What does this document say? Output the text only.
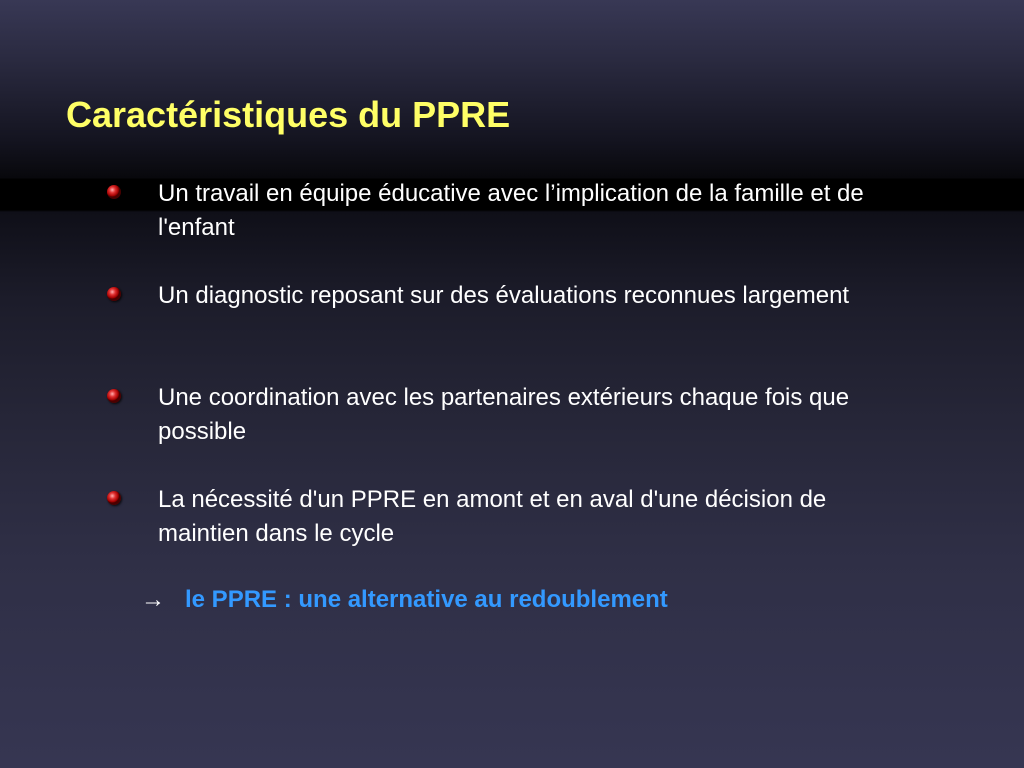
Caractéristiques du PPRE
Un travail en équipe éducative avec l’implication de la famille et de l'enfant
Un diagnostic reposant sur des évaluations reconnues largement
Une coordination avec les partenaires extérieurs chaque fois que possible
La nécessité d'un PPRE en amont et en aval d'une décision de maintien dans le cycle
→ le PPRE : une alternative au redoublement
